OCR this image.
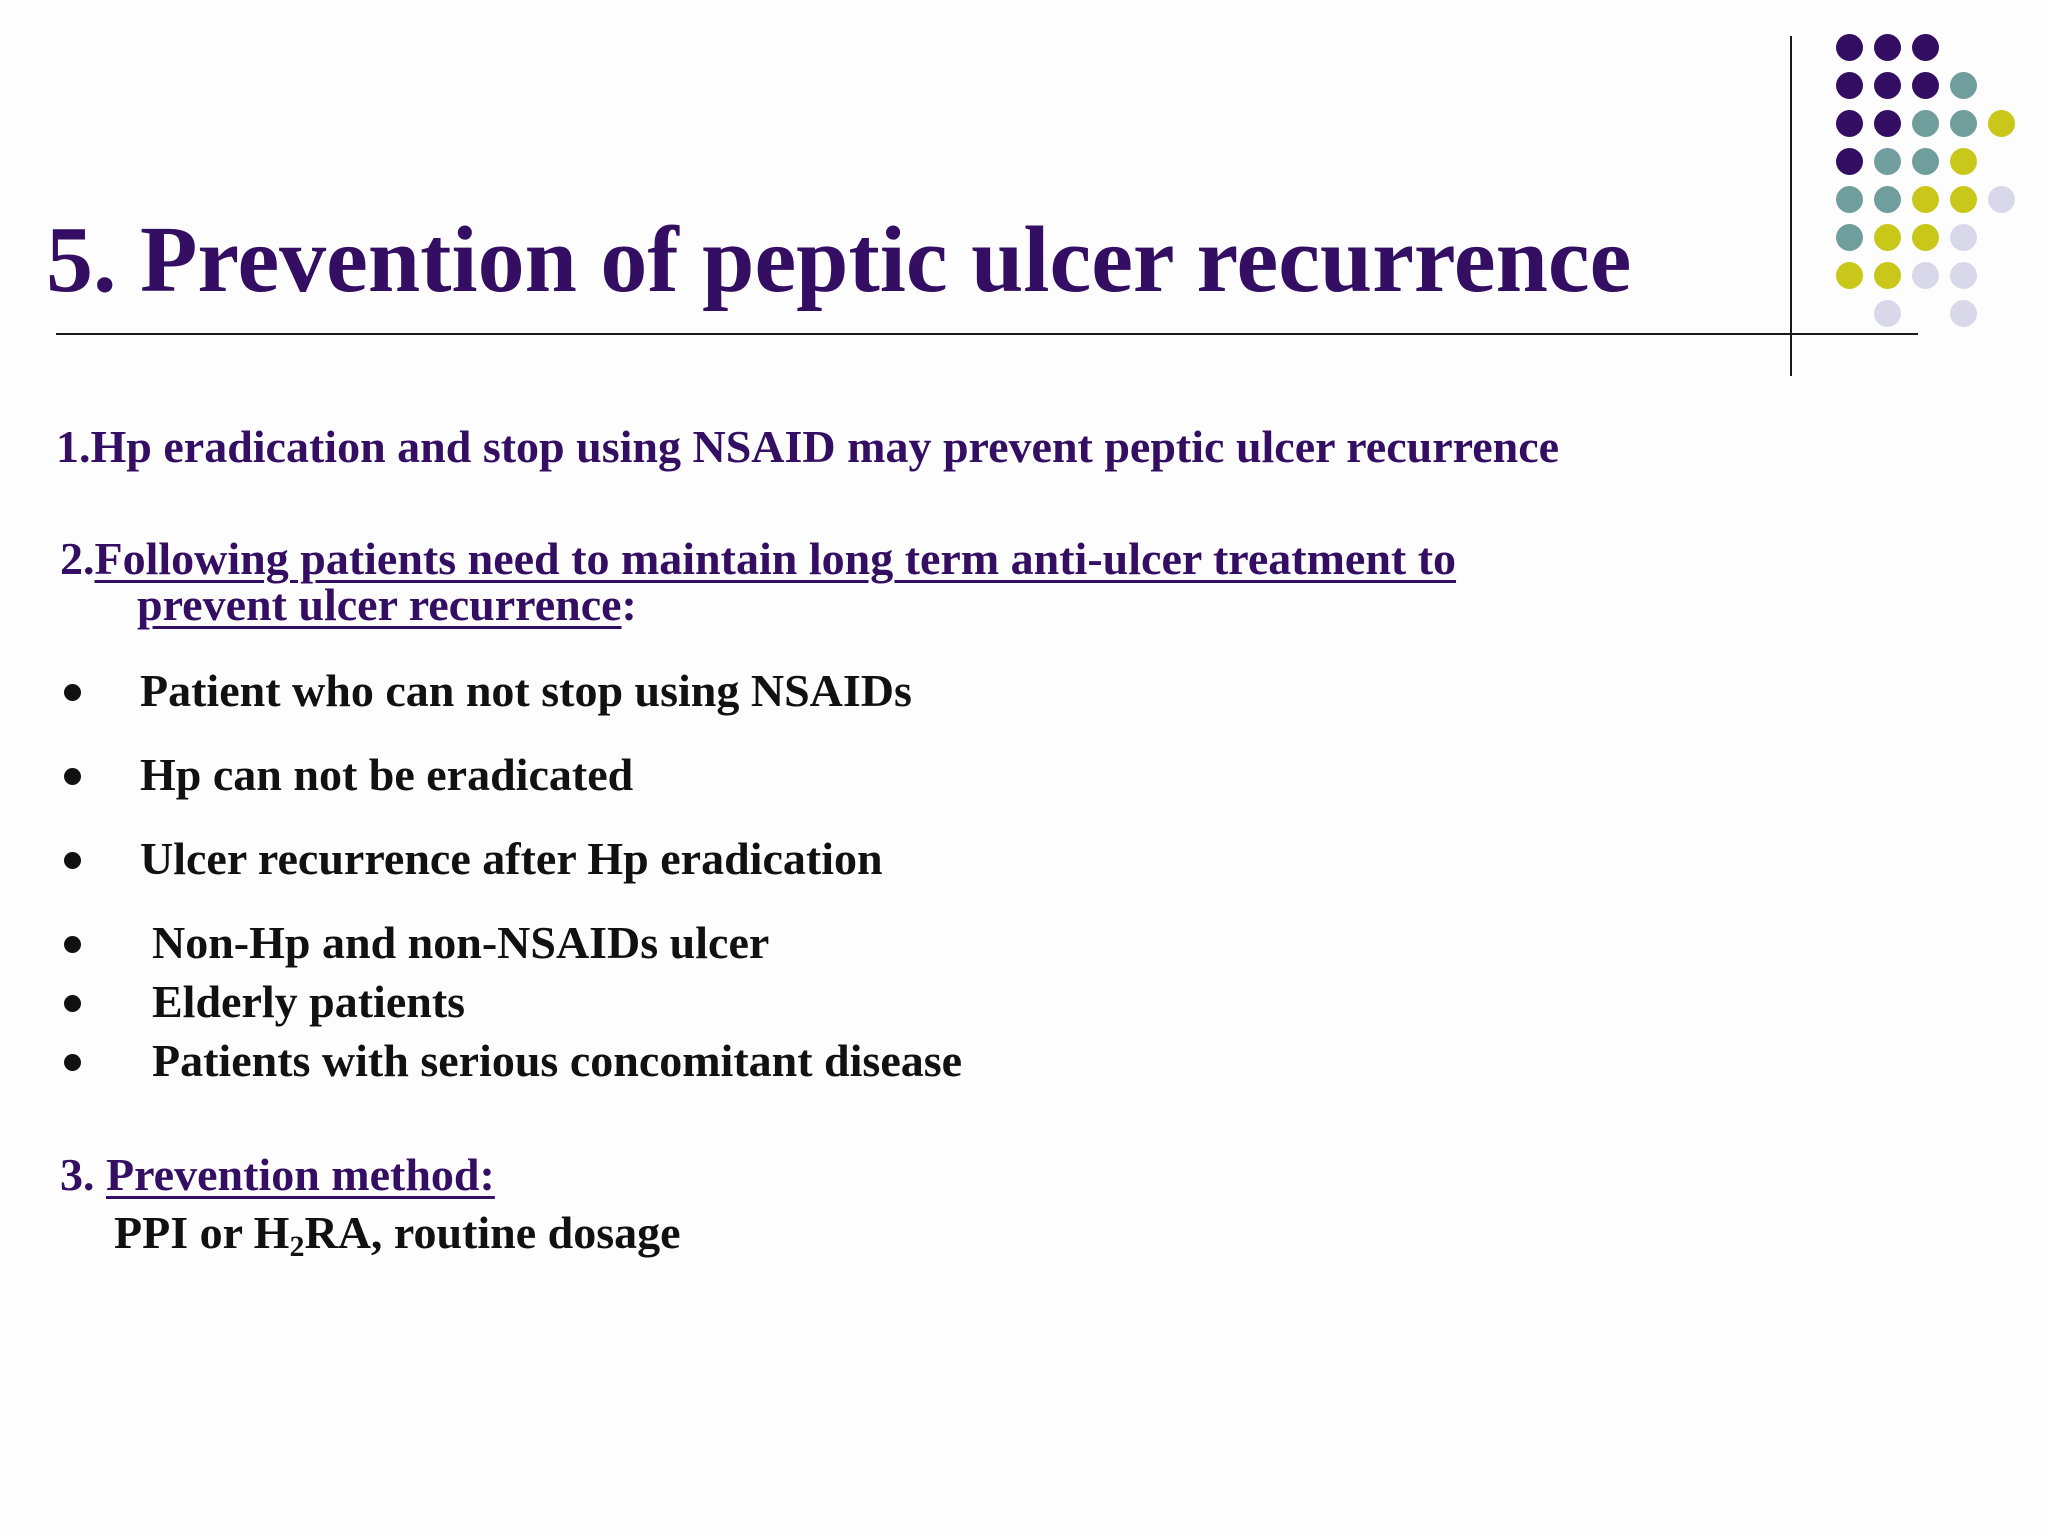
5. Prevention of peptic ulcer recurrence
1.Hp eradication and stop using NSAID may prevent peptic ulcer recurrence
2.Following patients need to maintain long term anti-ulcer treatment to
prevent ulcer recurrence:
Patient who can not stop using NSAIDs
Hp can not be eradicated
Ulcer recurrence after Hp eradication
Non-Hp and non-NSAIDs ulcer
Elderly patients
Patients with serious concomitant disease
3. Prevention method:
PPI or $H_2RA$, routine dosage
